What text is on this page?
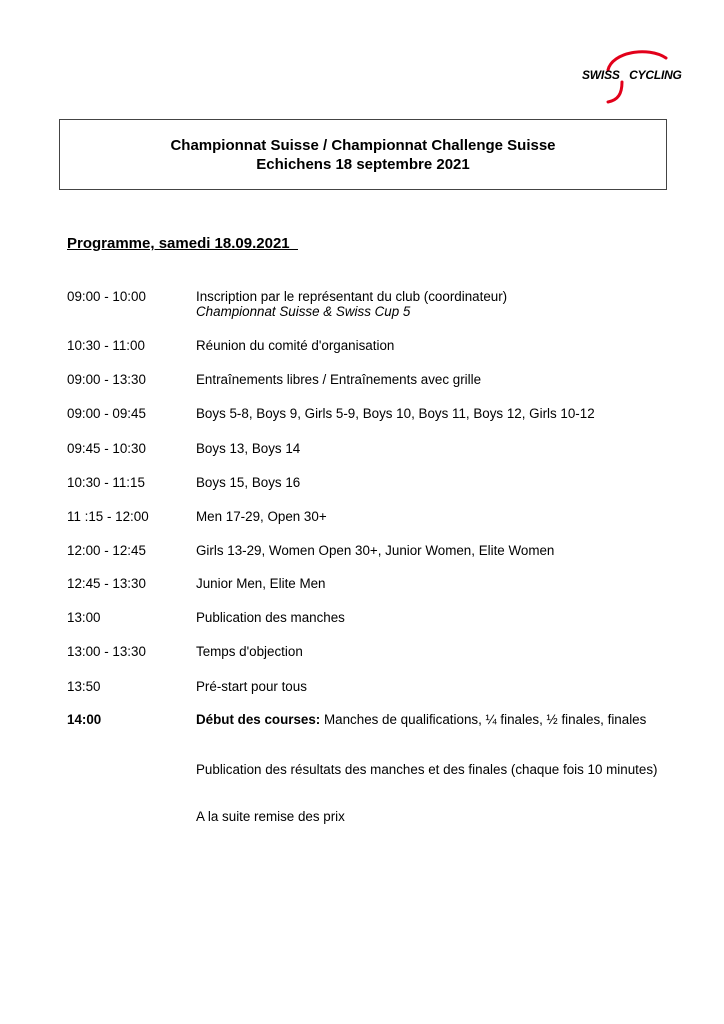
SWISS CYCLING
Championnat Suisse / Championnat Challenge Suisse
Echichens 18 septembre 2021
Programme, samedi 18.09.2021
09:00 - 10:00	Inscription par le représentant du club (coordinateur)
Championnat Suisse & Swiss Cup 5
10:30 - 11:00	Réunion du comité d'organisation
09:00 - 13:30	Entraînements libres / Entraînements avec grille
09:00 - 09:45	Boys 5-8, Boys 9, Girls 5-9, Boys 10, Boys 11, Boys 12, Girls 10-12
09:45 - 10:30	Boys 13, Boys 14
10:30 - 11:15	Boys 15, Boys 16
11 :15 - 12:00	Men 17-29, Open 30+
12:00 - 12:45	Girls 13-29, Women Open 30+, Junior Women, Elite Women
12:45 - 13:30	Junior Men, Elite Men
13:00	Publication des manches
13:00 - 13:30	Temps d'objection
13:50	Pré-start pour tous
14:00	Début des courses: Manches de qualifications, ¼ finales, ½ finales, finales
Publication des résultats des manches et des finales (chaque fois 10 minutes)
A la suite remise des prix
